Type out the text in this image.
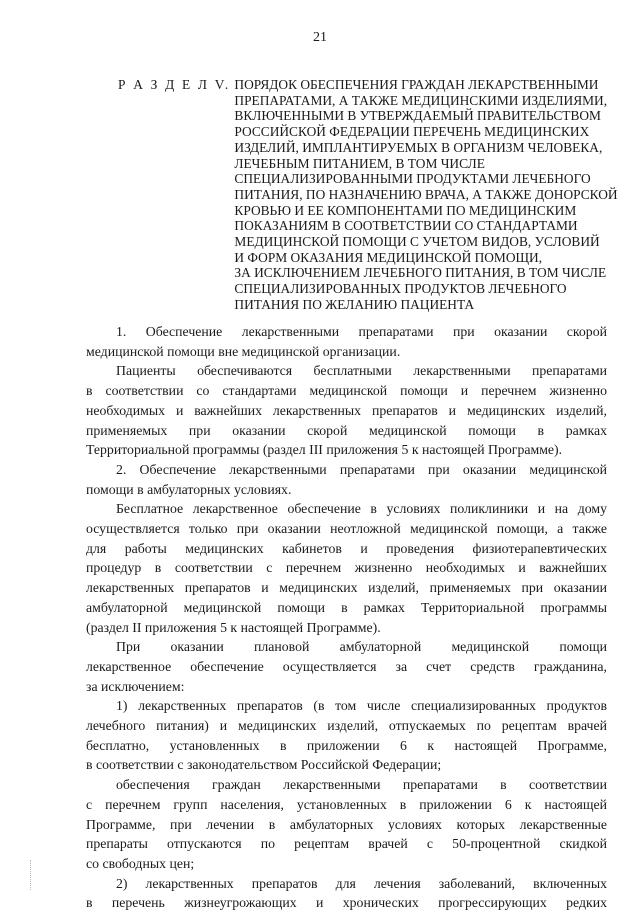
21
Р А З Д Е Л V. ПОРЯДОК ОБЕСПЕЧЕНИЯ ГРАЖДАН ЛЕКАРСТВЕННЫМИ
ПРЕПАРАТАМИ, А ТАКЖЕ МЕДИЦИНСКИМИ ИЗДЕЛИЯМИ,
ВКЛЮЧЕННЫМИ В УТВЕРЖДАЕМЫЙ ПРАВИТЕЛЬСТВОМ
РОССИЙСКОЙ ФЕДЕРАЦИИ ПЕРЕЧЕНЬ МЕДИЦИНСКИХ
ИЗДЕЛИЙ, ИМПЛАНТИРУЕМЫХ В ОРГАНИЗМ ЧЕЛОВЕКА,
ЛЕЧЕБНЫМ ПИТАНИЕМ, В ТОМ ЧИСЛЕ
СПЕЦИАЛИЗИРОВАННЫМИ ПРОДУКТАМИ ЛЕЧЕБНОГО
ПИТАНИЯ, ПО НАЗНАЧЕНИЮ ВРАЧА, А ТАКЖЕ ДОНОРСКОЙ
КРОВЬЮ И ЕЕ КОМПОНЕНТАМИ ПО МЕДИЦИНСКИМ
ПОКАЗАНИЯМ В СООТВЕТСТВИИ СО СТАНДАРТАМИ
МЕДИЦИНСКОЙ ПОМОЩИ С УЧЕТОМ ВИДОВ, УСЛОВИЙ
И ФОРМ ОКАЗАНИЯ МЕДИЦИНСКОЙ ПОМОЩИ,
ЗА ИСКЛЮЧЕНИЕМ ЛЕЧЕБНОГО ПИТАНИЯ, В ТОМ ЧИСЛЕ
СПЕЦИАЛИЗИРОВАННЫХ ПРОДУКТОВ ЛЕЧЕБНОГО
ПИТАНИЯ ПО ЖЕЛАНИЮ ПАЦИЕНТА
1. Обеспечение лекарственными препаратами при оказании скорой
медицинской помощи вне медицинской организации.
Пациенты обеспечиваются бесплатными лекарственными препаратами
в соответствии со стандартами медицинской помощи и перечнем жизненно
необходимых и важнейших лекарственных препаратов и медицинских изделий,
применяемых при оказании скорой медицинской помощи в рамках
Территориальной программы (раздел III приложения 5 к настоящей Программе).
2. Обеспечение лекарственными препаратами при оказании медицинской
помощи в амбулаторных условиях.
Бесплатное лекарственное обеспечение в условиях поликлиники и на дому
осуществляется только при оказании неотложной медицинской помощи, а также
для работы медицинских кабинетов и проведения физиотерапевтических
процедур в соответствии с перечнем жизненно необходимых и важнейших
лекарственных препаратов и медицинских изделий, применяемых при оказании
амбулаторной медицинской помощи в рамках Территориальной программы
(раздел II приложения 5 к настоящей Программе).
При оказании плановой амбулаторной медицинской помощи
лекарственное обеспечение осуществляется за счет средств гражданина,
за исключением:
1) лекарственных препаратов (в том числе специализированных продуктов
лечебного питания) и медицинских изделий, отпускаемых по рецептам врачей
бесплатно, установленных в приложении 6 к настоящей Программе,
в соответствии с законодательством Российской Федерации;
обеспечения граждан лекарственными препаратами в соответствии
с перечнем групп населения, установленных в приложении 6 к настоящей
Программе, при лечении в амбулаторных условиях которых лекарственные
препараты отпускаются по рецептам врачей с 50-процентной скидкой
со свободных цен;
2) лекарственных препаратов для лечения заболеваний, включенных
в перечень жизнеугрожающих и хронических прогрессирующих редких
